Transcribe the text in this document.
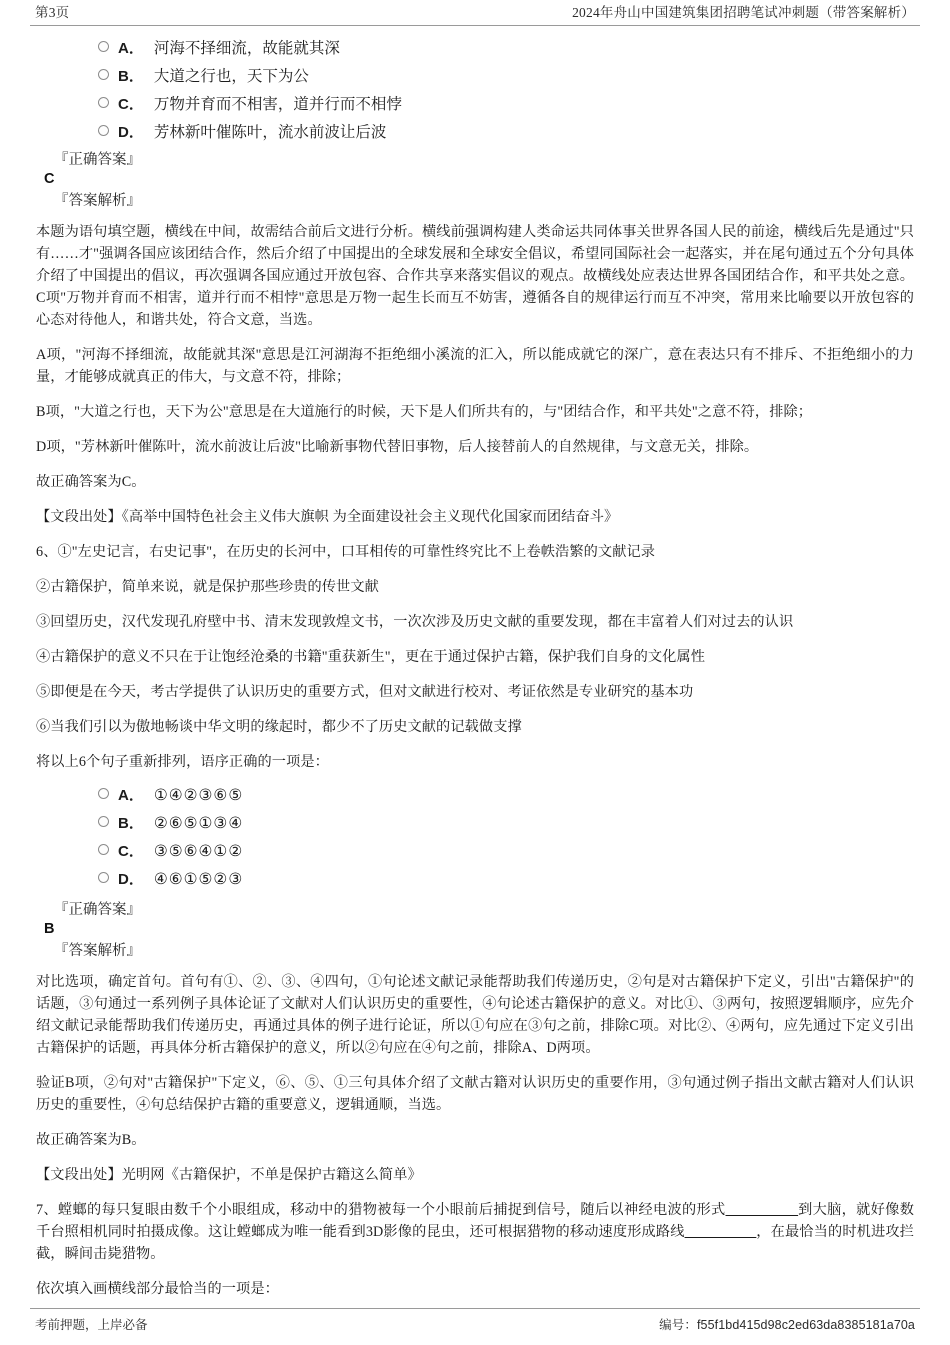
第3页	2024年舟山中国建筑集团招聘笔试冲刺题（带答案解析）
A． 河海不择细流，故能就其深
B． 大道之行也，天下为公
C． 万物并育而不相害，道并行而不相悖
D． 芳林新叶催陈叶，流水前波让后波
『正确答案』
C
『答案解析』

本题为语句填空题，横线在中间，故需结合前后文进行分析。横线前强调构建人类命运共同体事关世界各国人民的前途，横线后先是通过"只有……才"强调各国应该团结合作，然后介绍了中国提出的全球发展和全球安全倡议，希望同国际社会一起落实，并在尾句通过五个分句具体介绍了中国提出的倡议，再次强调各国应通过开放包容、合作共享来落实倡议的观点。故横线处应表达世界各国团结合作，和平共处之意。C项"万物并育而不相害，道并行而不相悖"意思是万物一起生长而互不妨害，遵循各自的规律运行而互不冲突，常用来比喻要以开放包容的心态对待他人，和谐共处，符合文意，当选。

A项，"河海不择细流，故能就其深"意思是江河湖海不拒绝细小溪流的汇入，所以能成就它的深广，意在表达只有不排斥、不拒绝细小的力量，才能够成就真正的伟大，与文意不符，排除；

B项，"大道之行也，天下为公"意思是在大道施行的时候，天下是人们所共有的，与"团结合作，和平共处"之意不符，排除；

D项，"芳林新叶催陈叶，流水前波让后波"比喻新事物代替旧事物，后人接替前人的自然规律，与文意无关，排除。

故正确答案为C。

【文段出处】《高举中国特色社会主义伟大旗帜 为全面建设社会主义现代化国家而团结奋斗》

6、①"左史记言，右史记事"，在历史的长河中，口耳相传的可靠性终究比不上卷帙浩繁的文献记录

②古籍保护，简单来说，就是保护那些珍贵的传世文献

③回望历史，汉代发现孔府壁中书、清末发现敦煌文书，一次次涉及历史文献的重要发现，都在丰富着人们对过去的认识

④古籍保护的意义不只在于让饱经沧桑的书籍"重获新生"，更在于通过保护古籍，保护我们自身的文化属性

⑤即便是在今天，考古学提供了认识历史的重要方式，但对文献进行校对、考证依然是专业研究的基本功

⑥当我们引以为傲地畅谈中华文明的缘起时，都少不了历史文献的记载做支撑

将以上6个句子重新排列，语序正确的一项是：

A． ①④②③⑥⑤
B． ②⑥⑤①③④
C． ③⑤⑥④①②
D． ④⑥①⑤②③
『正确答案』
B
『答案解析』

对比选项，确定首句。首句有①、②、③、④四句，①句论述文献记录能帮助我们传递历史，②句是对古籍保护下定义，引出"古籍保护"的话题，③句通过一系列例子具体论证了文献对人们认识历史的重要性，④句论述古籍保护的意义。对比①、③两句，按照逻辑顺序，应先介绍文献记录能帮助我们传递历史，再通过具体的例子进行论证，所以①句应在③句之前，排除C项。对比②、④两句，应先通过下定义引出古籍保护的话题，再具体分析古籍保护的意义，所以②句应在④句之前，排除A、D两项。

验证B项，②句对"古籍保护"下定义，⑥、⑤、①三句具体介绍了文献古籍对认识历史的重要作用，③句通过例子指出文献古籍对人们认识历史的重要性，④句总结保护古籍的重要意义，逻辑通顺，当选。

故正确答案为B。

【文段出处】光明网《古籍保护，不单是保护古籍这么简单》

7、螳螂的每只复眼由数千个小眼组成，移动中的猎物被每一个小眼前后捕捉到信号，随后以神经电波的形式＿＿＿＿＿到大脑，就好像数千台照相机同时拍摄成像。这让螳螂成为唯一能看到3D影像的昆虫，还可根据猎物的移动速度形成路线＿＿＿＿＿，在最恰当的时机进攻拦截，瞬间击毙猎物。

依次填入画横线部分最恰当的一项是：

考前押题，上岸必备	编号：f55f1bd415d98c2ed63da8385181a70a
